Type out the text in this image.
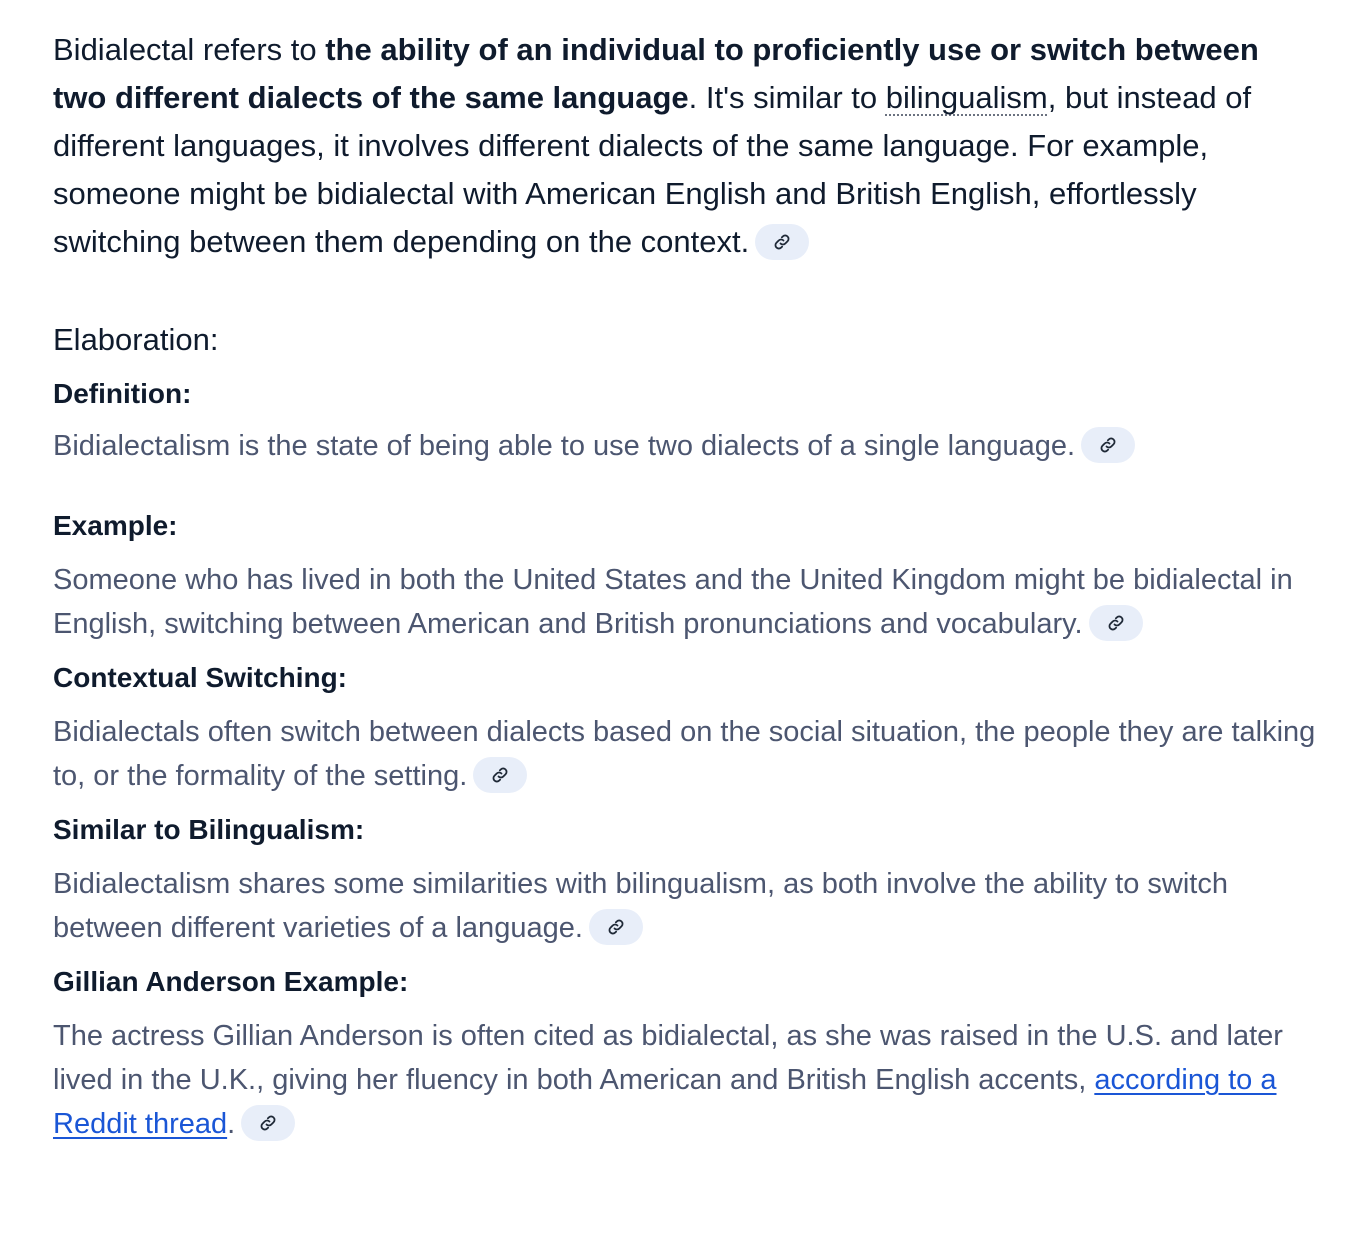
Bidialectal refers to the ability of an individual to proficiently use or switch between two different dialects of the same language. It's similar to bilingualism, but instead of different languages, it involves different dialects of the same language. For example, someone might be bidialectal with American English and British English, effortlessly switching between them depending on the context.

Elaboration:
Definition:

Bidialectalism is the state of being able to use two dialects of a single language.

Example:

Someone who has lived in both the United States and the United Kingdom might be bidialectal in English, switching between American and British pronunciations and vocabulary.

Contextual Switching:

Bidialectals often switch between dialects based on the social situation, the people they are talking to, or the formality of the setting.

Similar to Bilingualism:

Bidialectalism shares some similarities with bilingualism, as both involve the ability to switch between different varieties of a language.

Gillian Anderson Example:

The actress Gillian Anderson is often cited as bidialectal, as she was raised in the U.S. and later lived in the U.K., giving her fluency in both American and British English accents, according to a Reddit thread.
